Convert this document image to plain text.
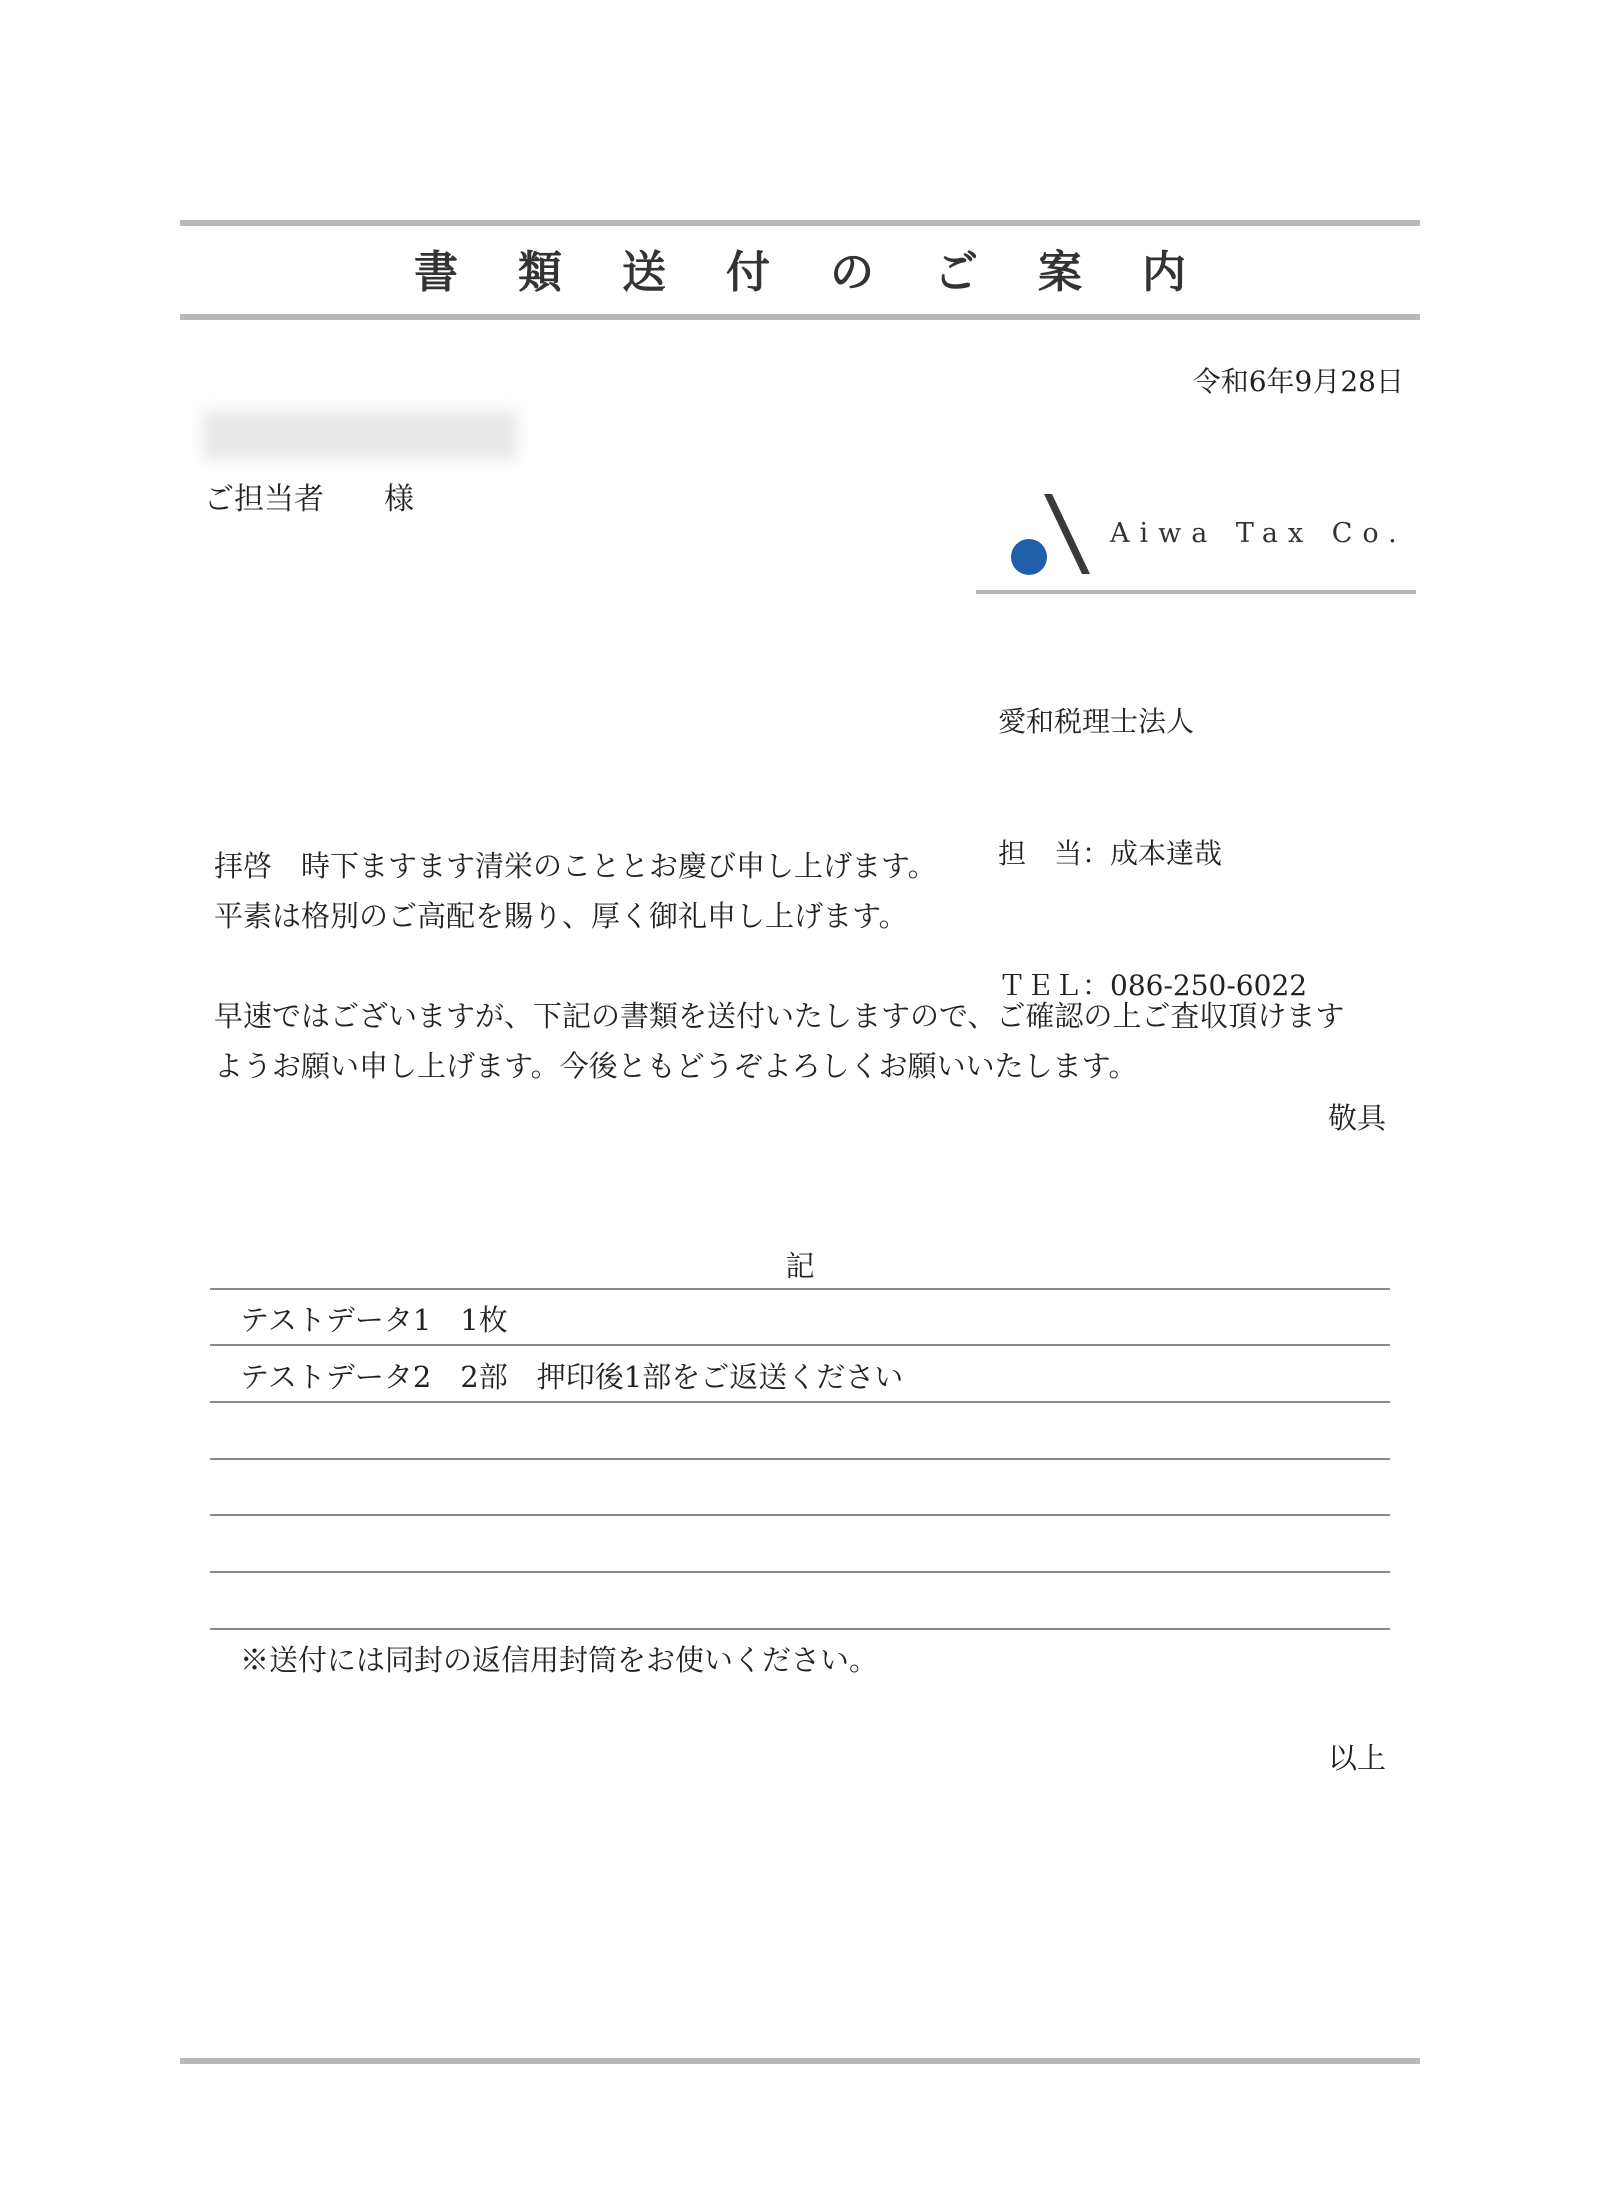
書類送付のご案内
令和6年9月28日
ご担当者　　様
Aiwa Tax Co.

愛和税理士法人

担　当：成本達哉

ＴＥＬ：086-250-6022

拝啓　時下ますます清栄のこととお慶び申し上げます。
平素は格別のご高配を賜り、厚く御礼申し上げます。
早速ではございますが、下記の書類を送付いたしますので、ご確認の上ご査収頂けます
ようお願い申し上げます。今後ともどうぞよろしくお願いいたします。
敬具
記
テストデータ1　1枚
テストデータ2　2部　押印後1部をご返送ください
※送付には同封の返信用封筒をお使いください。
以上
